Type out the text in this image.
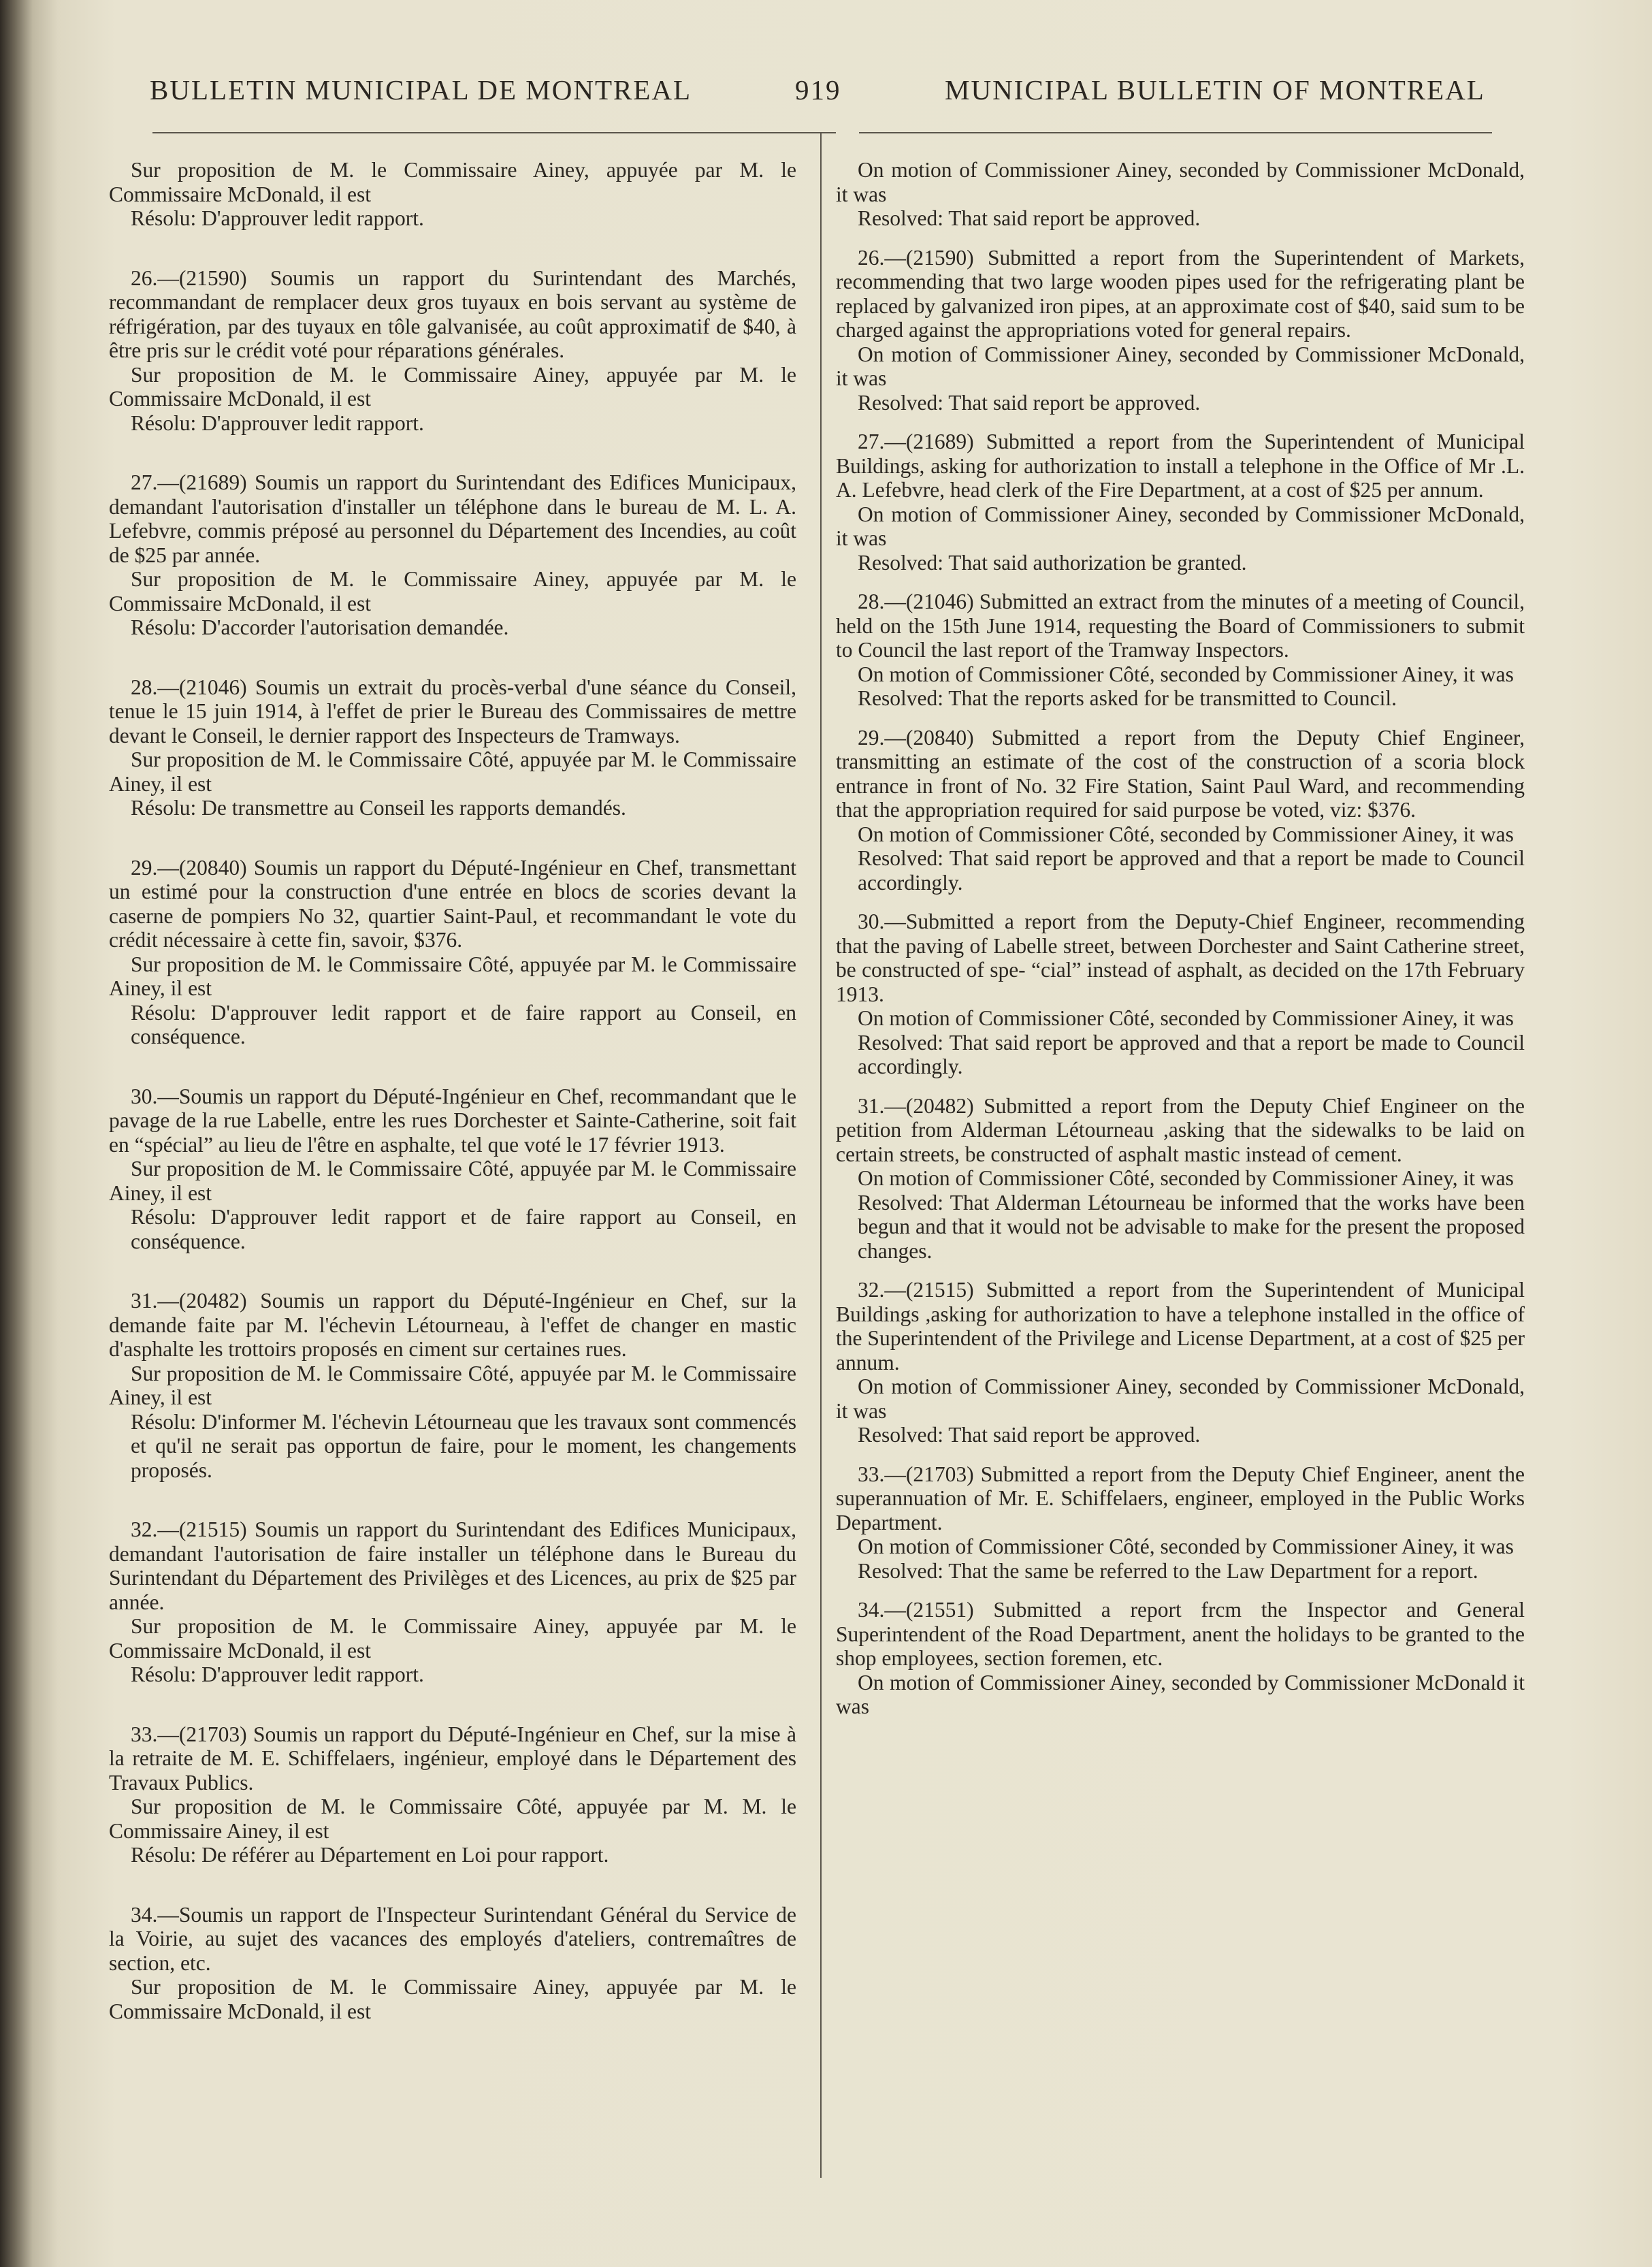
BULLETIN MUNICIPAL DE MONTREAL	919	MUNICIPAL BULLETIN OF MONTREAL

Sur proposition de M. le Commissaire Ainey, appuyée par M. le Commissaire McDonald, il est

Résolu: D'approuver ledit rapport.

26.—(21590) Soumis un rapport du Surintendant des Marchés, recommandant de remplacer deux gros tuyaux en bois servant au système de réfrigération, par des tuyaux en tôle galvanisée, au coût approximatif de $40, à être pris sur le crédit voté pour réparations générales.

Sur proposition de M. le Commissaire Ainey, appuyée par M. le Commissaire McDonald, il est

Résolu: D'approuver ledit rapport.

27.—(21689) Soumis un rapport du Surintendant des Edifices Municipaux, demandant l'autorisation d'installer un téléphone dans le bureau de M. L. A. Lefebvre, commis préposé au personnel du Département des Incendies, au coût de $25 par année.

Sur proposition de M. le Commissaire Ainey, appuyée par M. le Commissaire McDonald, il est

Résolu: D'accorder l'autorisation demandée.

28.—(21046) Soumis un extrait du procès-verbal d'une séance du Conseil, tenue le 15 juin 1914, à l'effet de prier le Bureau des Commissaires de mettre devant le Conseil, le dernier rapport des Inspecteurs de Tramways.

Sur proposition de M. le Commissaire Côté, appuyée par M. le Commissaire Ainey, il est

Résolu: De transmettre au Conseil les rapports demandés.

29.—(20840) Soumis un rapport du Député-Ingénieur en Chef, transmettant un estimé pour la construction d'une entrée en blocs de scories devant la caserne de pompiers No 32, quartier Saint-Paul, et recommandant le vote du crédit nécessaire à cette fin, savoir, $376.

Sur proposition de M. le Commissaire Côté, appuyée par M. le Commissaire Ainey, il est

Résolu: D'approuver ledit rapport et de faire rapport au Conseil, en conséquence.

30.—Soumis un rapport du Député-Ingénieur en Chef, recommandant que le pavage de la rue Labelle, entre les rues Dorchester et Sainte-Catherine, soit fait en “spécial” au lieu de l'être en asphalte, tel que voté le 17 février 1913.

Sur proposition de M. le Commissaire Côté, appuyée par M. le Commissaire Ainey, il est

Résolu: D'approuver ledit rapport et de faire rapport au Conseil, en conséquence.

31.—(20482) Soumis un rapport du Député-Ingénieur en Chef, sur la demande faite par M. l'échevin Létourneau, à l'effet de changer en mastic d'asphalte les trottoirs proposés en ciment sur certaines rues.

Sur proposition de M. le Commissaire Côté, appuyée par M. le Commissaire Ainey, il est

Résolu: D'informer M. l'échevin Létourneau que les travaux sont commencés et qu'il ne serait pas opportun de faire, pour le moment, les changements proposés.

32.—(21515) Soumis un rapport du Surintendant des Edifices Municipaux, demandant l'autorisation de faire installer un téléphone dans le Bureau du Surintendant du Département des Privilèges et des Licences, au prix de $25 par année.

Sur proposition de M. le Commissaire Ainey, appuyée par M. le Commissaire McDonald, il est

Résolu: D'approuver ledit rapport.

33.—(21703) Soumis un rapport du Député-Ingénieur en Chef, sur la mise à la retraite de M. E. Schiffelaers, ingénieur, employé dans le Département des Travaux Publics.

Sur proposition de M. le Commissaire Côté, appuyée par M. M. le Commissaire Ainey, il est

Résolu: De référer au Département en Loi pour rapport.

34.—Soumis un rapport de l'Inspecteur Surintendant Général du Service de la Voirie, au sujet des vacances des employés d'ateliers, contremaîtres de section, etc.

Sur proposition de M. le Commissaire Ainey, appuyée par M. le Commissaire McDonald, il est

On motion of Commissioner Ainey, seconded by Commissioner McDonald, it was

Resolved: That said report be approved.

26.—(21590) Submitted a report from the Superintendent of Markets, recommending that two large wooden pipes used for the refrigerating plant be replaced by galvanized iron pipes, at an approximate cost of $40, said sum to be charged against the appropriations voted for general repairs.

On motion of Commissioner Ainey, seconded by Commissioner McDonald, it was

Resolved: That said report be approved.

27.—(21689) Submitted a report from the Superintendent of Municipal Buildings, asking for authorization to install a telephone in the Office of Mr .L. A. Lefebvre, head clerk of the Fire Department, at a cost of $25 per annum.

On motion of Commissioner Ainey, seconded by Commissioner McDonald, it was

Resolved: That said authorization be granted.

28.—(21046) Submitted an extract from the minutes of a meeting of Council, held on the 15th June 1914, requesting the Board of Commissioners to submit to Council the last report of the Tramway Inspectors.

On motion of Commissioner Côté, seconded by Commissioner Ainey, it was

Resolved: That the reports asked for be transmitted to Council.

29.—(20840) Submitted a report from the Deputy Chief Engineer, transmitting an estimate of the cost of the construction of a scoria block entrance in front of No. 32 Fire Station, Saint Paul Ward, and recommending that the appropriation required for said purpose be voted, viz: $376.

On motion of Commissioner Côté, seconded by Commissioner Ainey, it was

Resolved: That said report be approved and that a report be made to Council accordingly.

30.—Submitted a report from the Deputy-Chief Engineer, recommending that the paving of Labelle street, between Dorchester and Saint Catherine street, be constructed of spe- “cial” instead of asphalt, as decided on the 17th February 1913.

On motion of Commissioner Côté, seconded by Commissioner Ainey, it was

Resolved: That said report be approved and that a report be made to Council accordingly.

31.—(20482) Submitted a report from the Deputy Chief Engineer on the petition from Alderman Létourneau ,asking that the sidewalks to be laid on certain streets, be constructed of asphalt mastic instead of cement.

On motion of Commissioner Côté, seconded by Commissioner Ainey, it was

Resolved: That Alderman Létourneau be informed that the works have been begun and that it would not be advisable to make for the present the proposed changes.

32.—(21515) Submitted a report from the Superintendent of Municipal Buildings ,asking for authorization to have a telephone installed in the office of the Superintendent of the Privilege and License Department, at a cost of $25 per annum.

On motion of Commissioner Ainey, seconded by Commissioner McDonald, it was

Resolved: That said report be approved.

33.—(21703) Submitted a report from the Deputy Chief Engineer, anent the superannuation of Mr. E. Schiffelaers, engineer, employed in the Public Works Department.

On motion of Commissioner Côté, seconded by Commissioner Ainey, it was

Resolved: That the same be referred to the Law Department for a report.

34.—(21551) Submitted a report frcm the Inspector and General Superintendent of the Road Department, anent the holidays to be granted to the shop employees, section foremen, etc.

On motion of Commissioner Ainey, seconded by Commissioner McDonald it was
